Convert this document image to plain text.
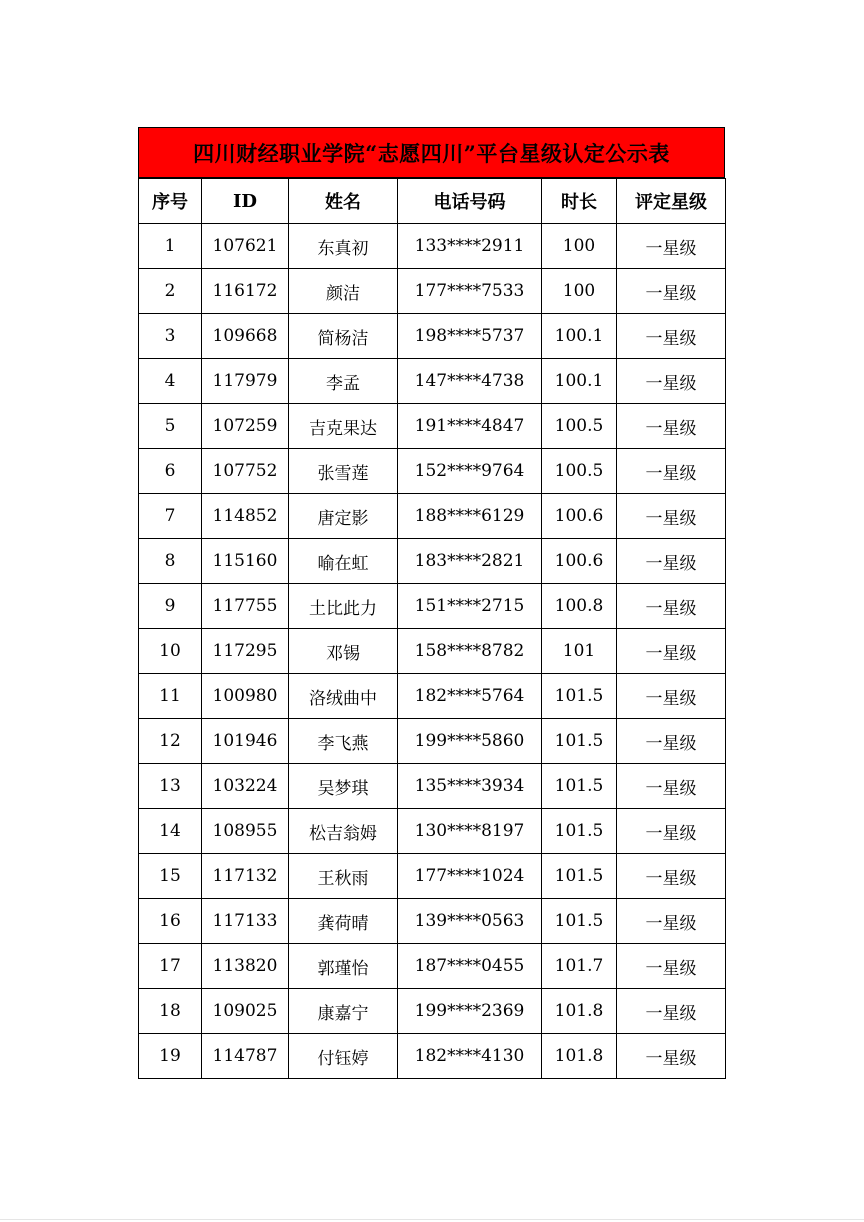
四川财经职业学院“志愿四川”平台星级认定公示表
序号	ID	姓名	电话号码	时长	评定星级
1	107621	东真初	133****2911	100	一星级
2	116172	颜洁	177****7533	100	一星级
3	109668	简杨洁	198****5737	100.1	一星级
4	117979	李孟	147****4738	100.1	一星级
5	107259	吉克果达	191****4847	100.5	一星级
6	107752	张雪莲	152****9764	100.5	一星级
7	114852	唐定影	188****6129	100.6	一星级
8	115160	喻在虹	183****2821	100.6	一星级
9	117755	土比此力	151****2715	100.8	一星级
10	117295	邓锡	158****8782	101	一星级
11	100980	洛绒曲中	182****5764	101.5	一星级
12	101946	李飞燕	199****5860	101.5	一星级
13	103224	吴梦琪	135****3934	101.5	一星级
14	108955	松吉翁姆	130****8197	101.5	一星级
15	117132	王秋雨	177****1024	101.5	一星级
16	117133	龚荷晴	139****0563	101.5	一星级
17	113820	郭瑾怡	187****0455	101.7	一星级
18	109025	康嘉宁	199****2369	101.8	一星级
19	114787	付钰婷	182****4130	101.8	一星级
